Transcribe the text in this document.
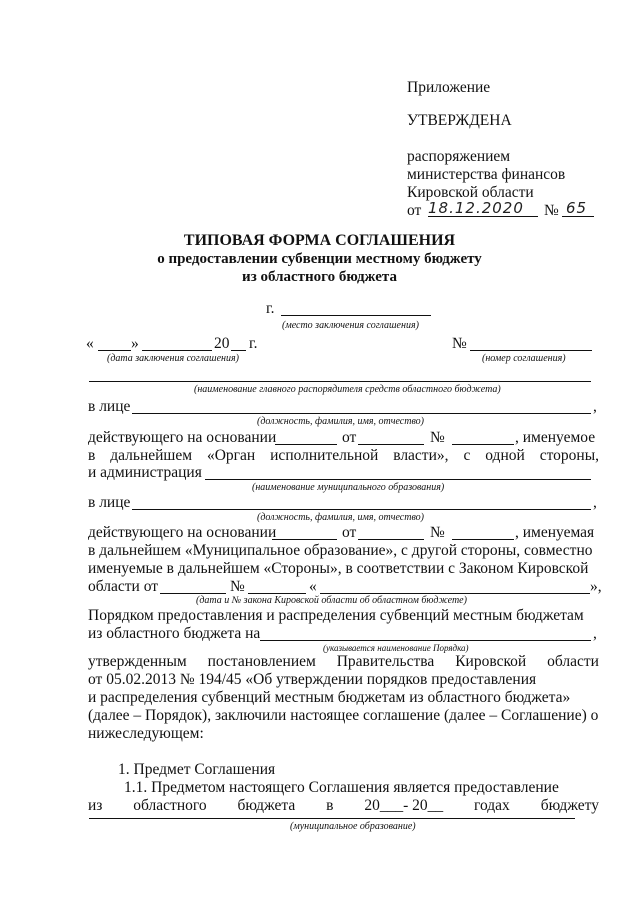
Приложение
УТВЕРЖДЕНА
распоряжением
министерства финансов
Кировской области
от 18.12.2020 № 65
ТИПОВАЯ ФОРМА СОГЛАШЕНИЯ
о предоставлении субвенции местному бюджету
из областного бюджета
г.
(место заключения соглашения)
« »	20 г.
(дата заключения соглашения)
№
(номер соглашения)
(наименование главного распорядителя средств областного бюджета)
в лице	,
(должность, фамилия, имя, отчество)
действующего на основании	от	№	, именуемое
в дальнейшем «Орган исполнительной власти», с одной стороны,
и администрация
(наименование муниципального образования)
в лице	,
(должность, фамилия, имя, отчество)
действующего на основании	от	№	, именуемая
в дальнейшем «Муниципальное образование», с другой стороны, совместно
именуемые в дальнейшем «Стороны», в соответствии с Законом Кировской
области от	№	«	»,
(дата и № закона Кировской области об областном бюджете)
Порядком предоставления и распределения субвенций местным бюджетам
из областного бюджета на	,
(указывается наименование Порядка)
утвержденным постановлением Правительства Кировской области
от 05.02.2013 № 194/45 «Об утверждении порядков предоставления
и распределения субвенций местным бюджетам из областного бюджета»
(далее – Порядок), заключили настоящее соглашение (далее – Соглашение) о
нижеследующем:
1. Предмет Соглашения
1.1. Предметом настоящего Соглашения является предоставление
из областного бюджета в 20___- 20__ годах бюджету
(муниципальное образование)
